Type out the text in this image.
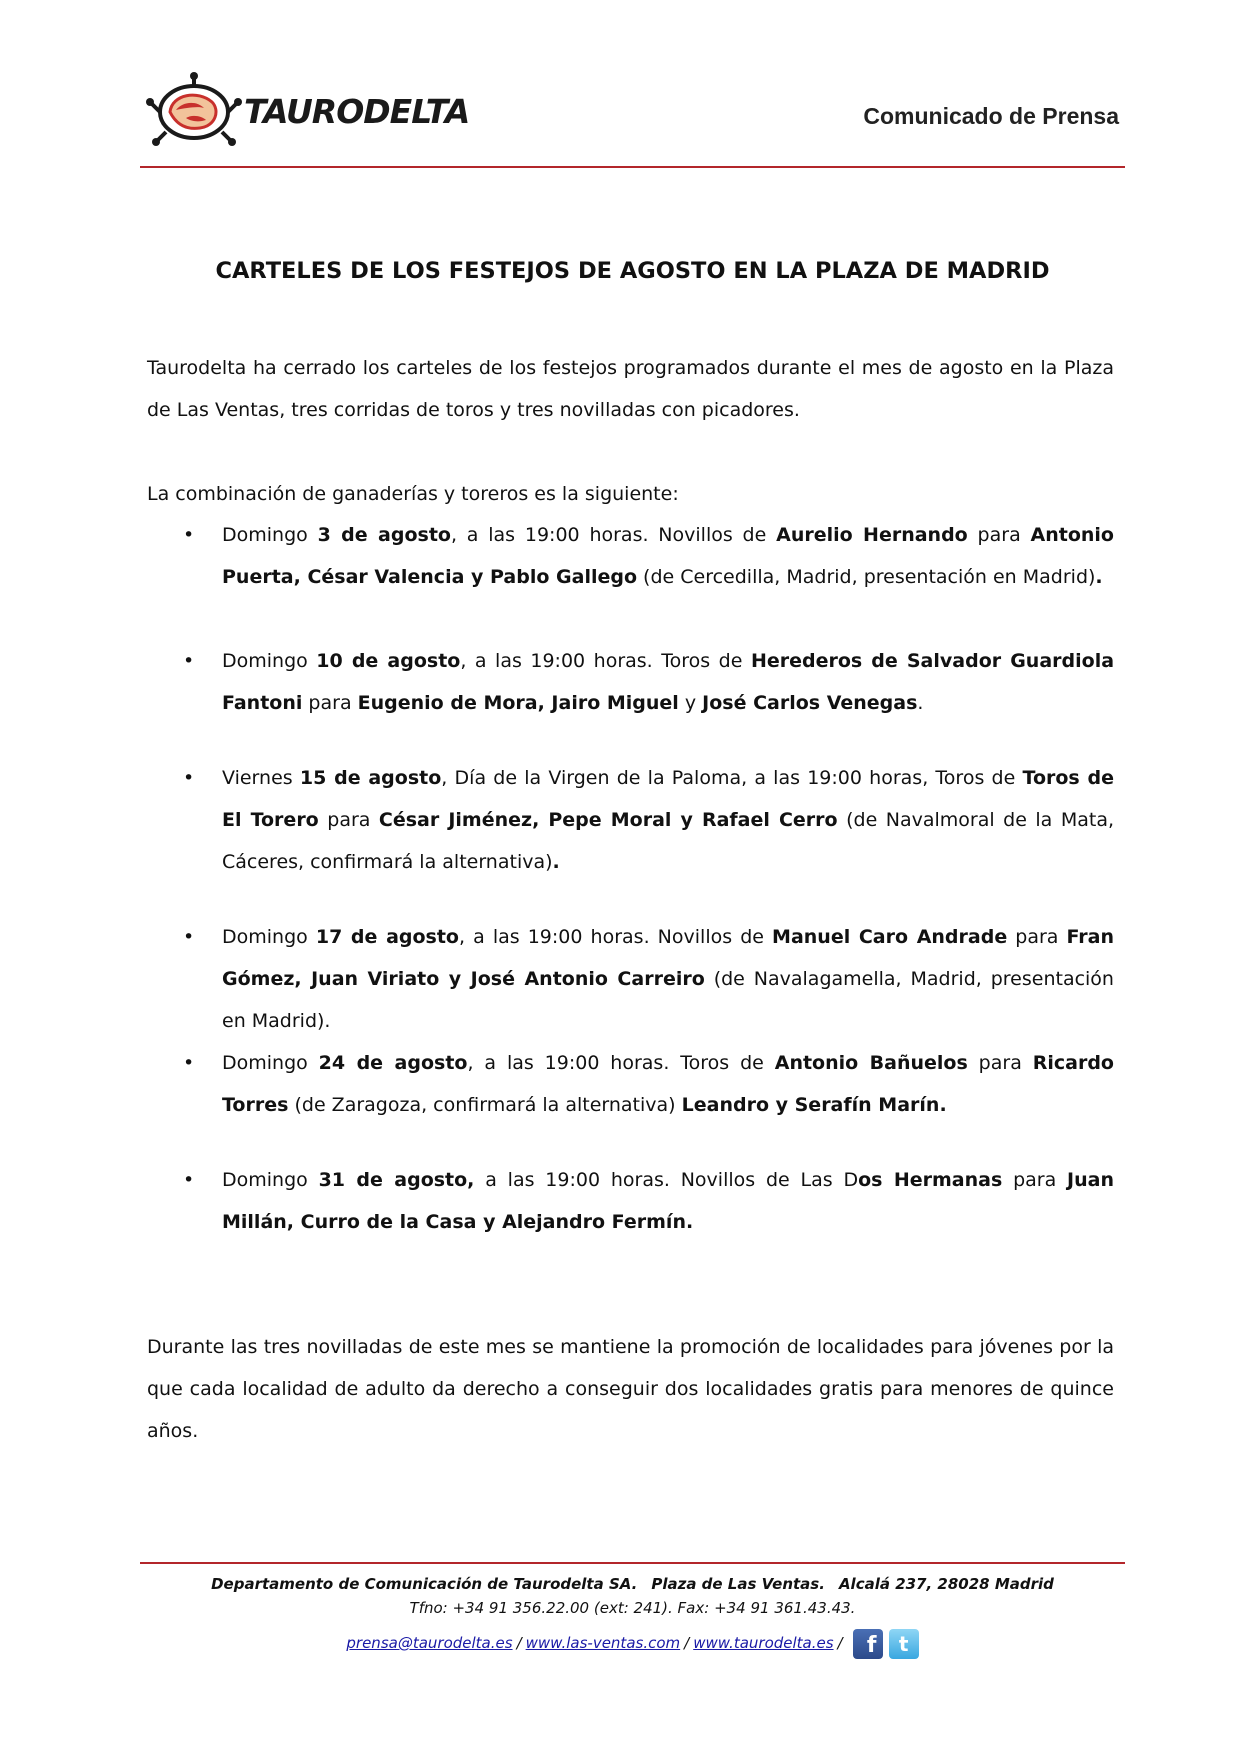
TAURODELTA	Comunicado de Prensa
CARTELES DE LOS FESTEJOS DE AGOSTO EN LA PLAZA DE MADRID
Taurodelta ha cerrado los carteles de los festejos programados durante el mes de agosto en la Plaza de Las Ventas, tres corridas de toros y tres novilladas con picadores.
La combinación de ganaderías y toreros es la siguiente:
• Domingo 3 de agosto, a las 19:00 horas. Novillos de Aurelio Hernando para Antonio Puerta, César Valencia y Pablo Gallego (de Cercedilla, Madrid, presentación en Madrid).
• Domingo 10 de agosto, a las 19:00 horas. Toros de Herederos de Salvador Guardiola Fantoni para Eugenio de Mora, Jairo Miguel y José Carlos Venegas.
• Viernes 15 de agosto, Día de la Virgen de la Paloma, a las 19:00 horas, Toros de Toros de El Torero para César Jiménez, Pepe Moral y Rafael Cerro (de Navalmoral de la Mata, Cáceres, confirmará la alternativa).
• Domingo 17 de agosto, a las 19:00 horas. Novillos de Manuel Caro Andrade para Fran Gómez, Juan Viriato y José Antonio Carreiro (de Navalagamella, Madrid, presentación en Madrid).
• Domingo 24 de agosto, a las 19:00 horas. Toros de Antonio Bañuelos para Ricardo Torres (de Zaragoza, confirmará la alternativa) Leandro y Serafín Marín.
• Domingo 31 de agosto, a las 19:00 horas. Novillos de Las Dos Hermanas para Juan Millán, Curro de la Casa y Alejandro Fermín.
Durante las tres novilladas de este mes se mantiene la promoción de localidades para jóvenes por la que cada localidad de adulto da derecho a conseguir dos localidades gratis para menores de quince años.
Departamento de Comunicación de Taurodelta SA. Plaza de Las Ventas. Alcalá 237, 28028 Madrid
Tfno: +34 91 356.22.00 (ext: 241). Fax: +34 91 361.43.43.
prensa@taurodelta.es / www.las-ventas.com / www.taurodelta.es / f	t
